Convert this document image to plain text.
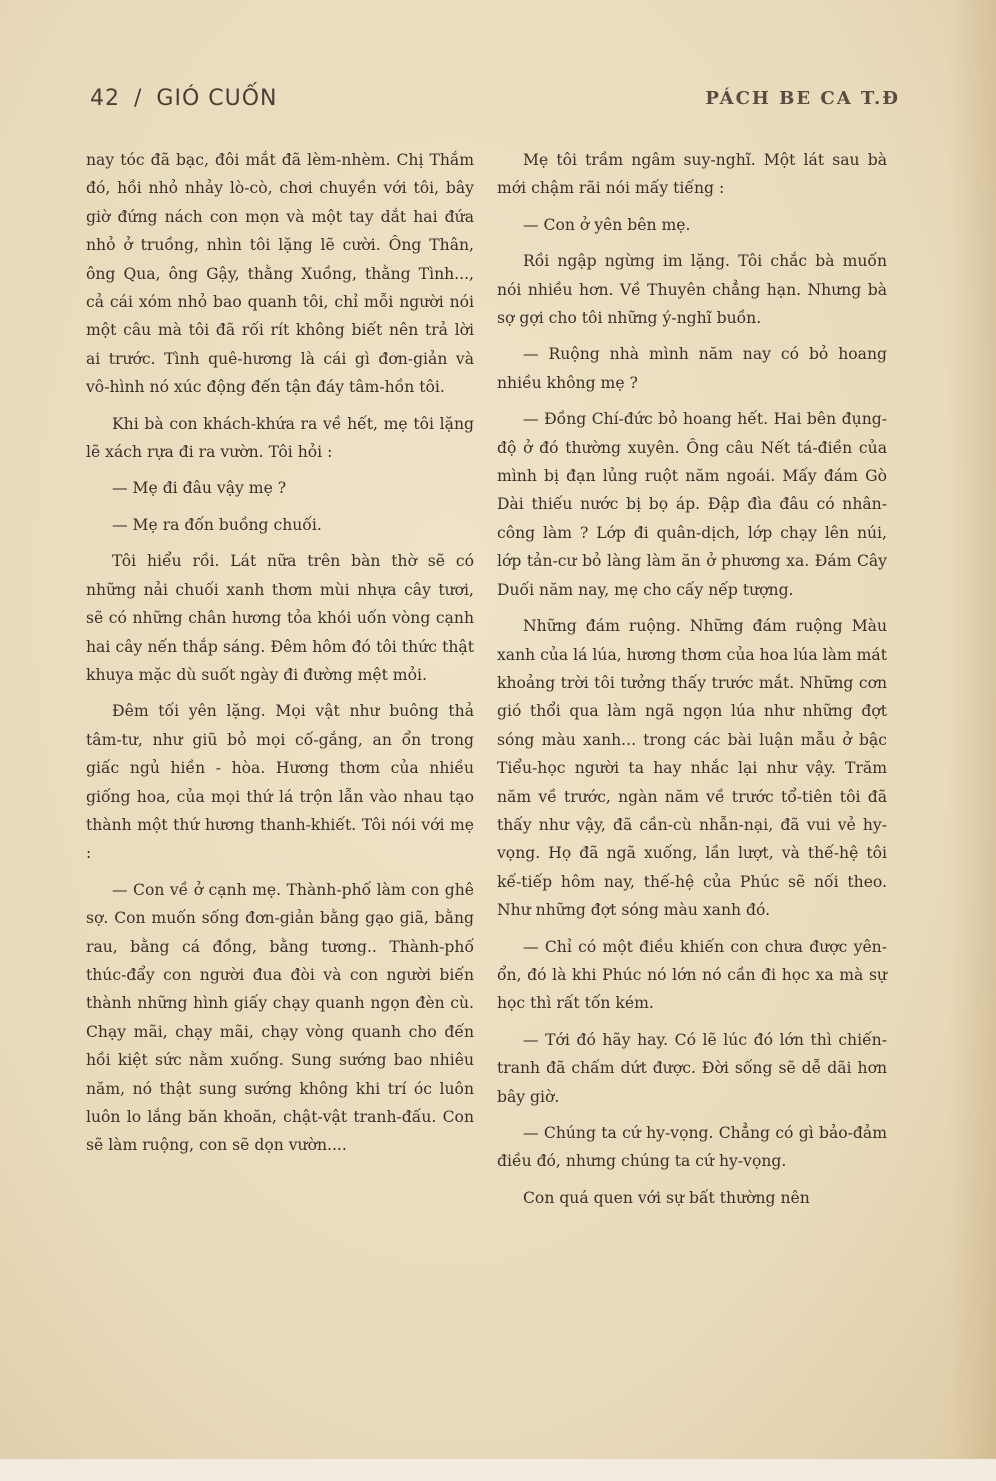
42 / GIÓ CUỐN	PÁCH BE CA T.Đ

nay tóc đã bạc, đôi mắt đã lèm-nhèm. Chị Thắm đó, hồi nhỏ nhảy lò-cò, chơi chuyền với tôi, bây giờ đứng nách con mọn và một tay dắt hai đứa nhỏ ở truồng, nhìn tôi lặng lẽ cười. Ông Thân, ông Qua, ông Gậy, thằng Xuồng, thằng Tình..., cả cái xóm nhỏ bao quanh tôi, chỉ mỗi người nói một câu mà tôi đã rối rít không biết nên trả lời ai trước. Tình quê-hương là cái gì đơn-giản và vô-hình nó xúc động đến tận đáy tâm-hồn tôi.

Khi bà con khách-khứa ra về hết, mẹ tôi lặng lẽ xách rựa đi ra vườn. Tôi hỏi :

— Mẹ đi đâu vậy mẹ ?

— Mẹ ra đốn buồng chuối.

Tôi hiểu rồi. Lát nữa trên bàn thờ sẽ có những nải chuối xanh thơm mùi nhựa cây tươi, sẽ có những chân hương tỏa khói uốn vòng cạnh hai cây nến thắp sáng. Đêm hôm đó tôi thức thật khuya mặc dù suốt ngày đi đường mệt mỏi.

Đêm tối yên lặng. Mọi vật như buông thả tâm-tư, như giũ bỏ mọi cố-gắng, an ổn trong giấc ngủ hiền - hòa. Hương thơm của nhiều giống hoa, của mọi thứ lá trộn lẫn vào nhau tạo thành một thứ hương thanh-khiết. Tôi nói với mẹ :

— Con về ở cạnh mẹ. Thành-phố làm con ghê sợ. Con muốn sống đơn-giản bằng gạo giã, bằng rau, bằng cá đồng, bằng tương.. Thành-phố thúc-đẩy con người đua đòi và con người biến thành những hình giấy chạy quanh ngọn đèn cù. Chạy mãi, chạy mãi, chạy vòng quanh cho đến hồi kiệt sức nằm xuống. Sung sướng bao nhiêu năm, nó thật sung sướng không khi trí óc luôn luôn lo lắng băn khoăn, chật-vật tranh-đấu. Con sẽ làm ruộng, con sẽ dọn vườn....

Mẹ tôi trầm ngâm suy-nghĩ. Một lát sau bà mới chậm rãi nói mấy tiếng :

— Con ở yên bên mẹ.

Rồi ngập ngừng im lặng. Tôi chắc bà muốn nói nhiều hơn. Về Thuyên chẳng hạn. Nhưng bà sợ gợi cho tôi những ý-nghĩ buồn.

— Ruộng nhà mình năm nay có bỏ hoang nhiều không mẹ ?

— Đồng Chí-đức bỏ hoang hết. Hai bên đụng-độ ở đó thường xuyên. Ông câu Nết tá-điền của mình bị đạn lủng ruột năm ngoái. Mấy đám Gò Dài thiếu nước bị bọ áp. Đập đìa đâu có nhân-công làm ? Lớp đi quân-dịch, lớp chạy lên núi, lớp tản-cư bỏ làng làm ăn ở phương xa. Đám Cây Duối năm nay, mẹ cho cấy nếp tượng.

Những đám ruộng. Những đám ruộng Màu xanh của lá lúa, hương thơm của hoa lúa làm mát khoảng trời tôi tưởng thấy trước mắt. Những cơn gió thổi qua làm ngã ngọn lúa như những đợt sóng màu xanh... trong các bài luận mẫu ở bậc Tiểu-học người ta hay nhắc lại như vậy. Trăm năm về trước, ngàn năm về trước tổ-tiên tôi đã thấy như vậy, đã cần-cù nhẫn-nại, đã vui vẻ hy-vọng. Họ đã ngã xuống, lần lượt, và thế-hệ tôi kế-tiếp hôm nay, thế-hệ của Phúc sẽ nối theo. Như những đợt sóng màu xanh đó.

— Chỉ có một điều khiến con chưa được yên-ổn, đó là khi Phúc nó lớn nó cần đi học xa mà sự học thì rất tốn kém.

— Tới đó hãy hay. Có lẽ lúc đó lớn thì chiến-tranh đã chấm dứt được. Đời sống sẽ dễ dãi hơn bây giờ.

— Chúng ta cứ hy-vọng. Chẳng có gì bảo-đảm điều đó, nhưng chúng ta cứ hy-vọng.

Con quá quen với sự bất thường nên
